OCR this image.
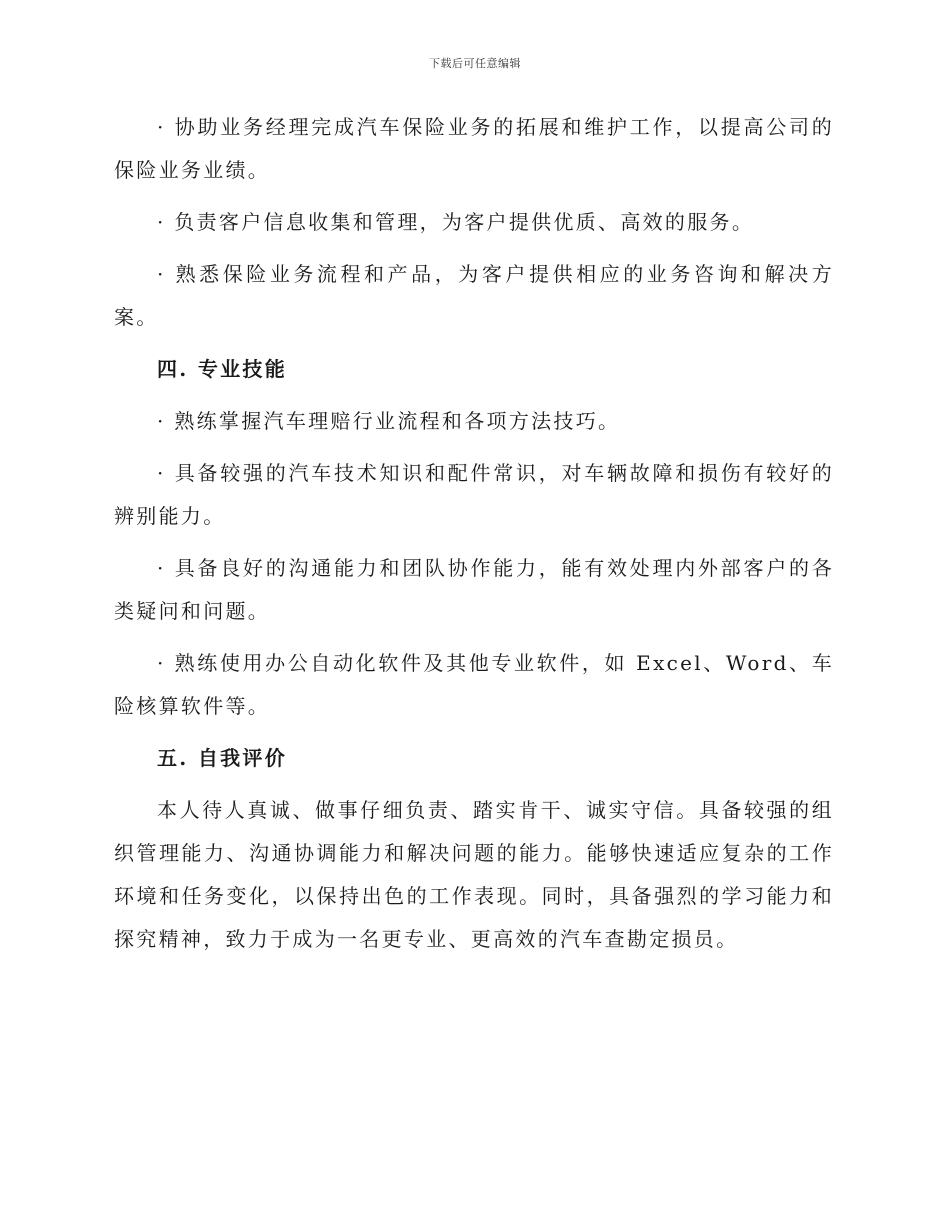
下载后可任意编辑

· 协助业务经理完成汽车保险业务的拓展和维护工作，以提高公司的保险业务业绩。

· 负责客户信息收集和管理，为客户提供优质、高效的服务。

· 熟悉保险业务流程和产品，为客户提供相应的业务咨询和解决方案。

四. 专业技能

· 熟练掌握汽车理赔行业流程和各项方法技巧。

· 具备较强的汽车技术知识和配件常识，对车辆故障和损伤有较好的辨别能力。

· 具备良好的沟通能力和团队协作能力，能有效处理内外部客户的各类疑问和问题。

· 熟练使用办公自动化软件及其他专业软件，如 Excel、Word、车险核算软件等。

五. 自我评价

本人待人真诚、做事仔细负责、踏实肯干、诚实守信。具备较强的组织管理能力、沟通协调能力和解决问题的能力。能够快速适应复杂的工作环境和任务变化，以保持出色的工作表现。同时，具备强烈的学习能力和探究精神，致力于成为一名更专业、更高效的汽车查勘定损员。
